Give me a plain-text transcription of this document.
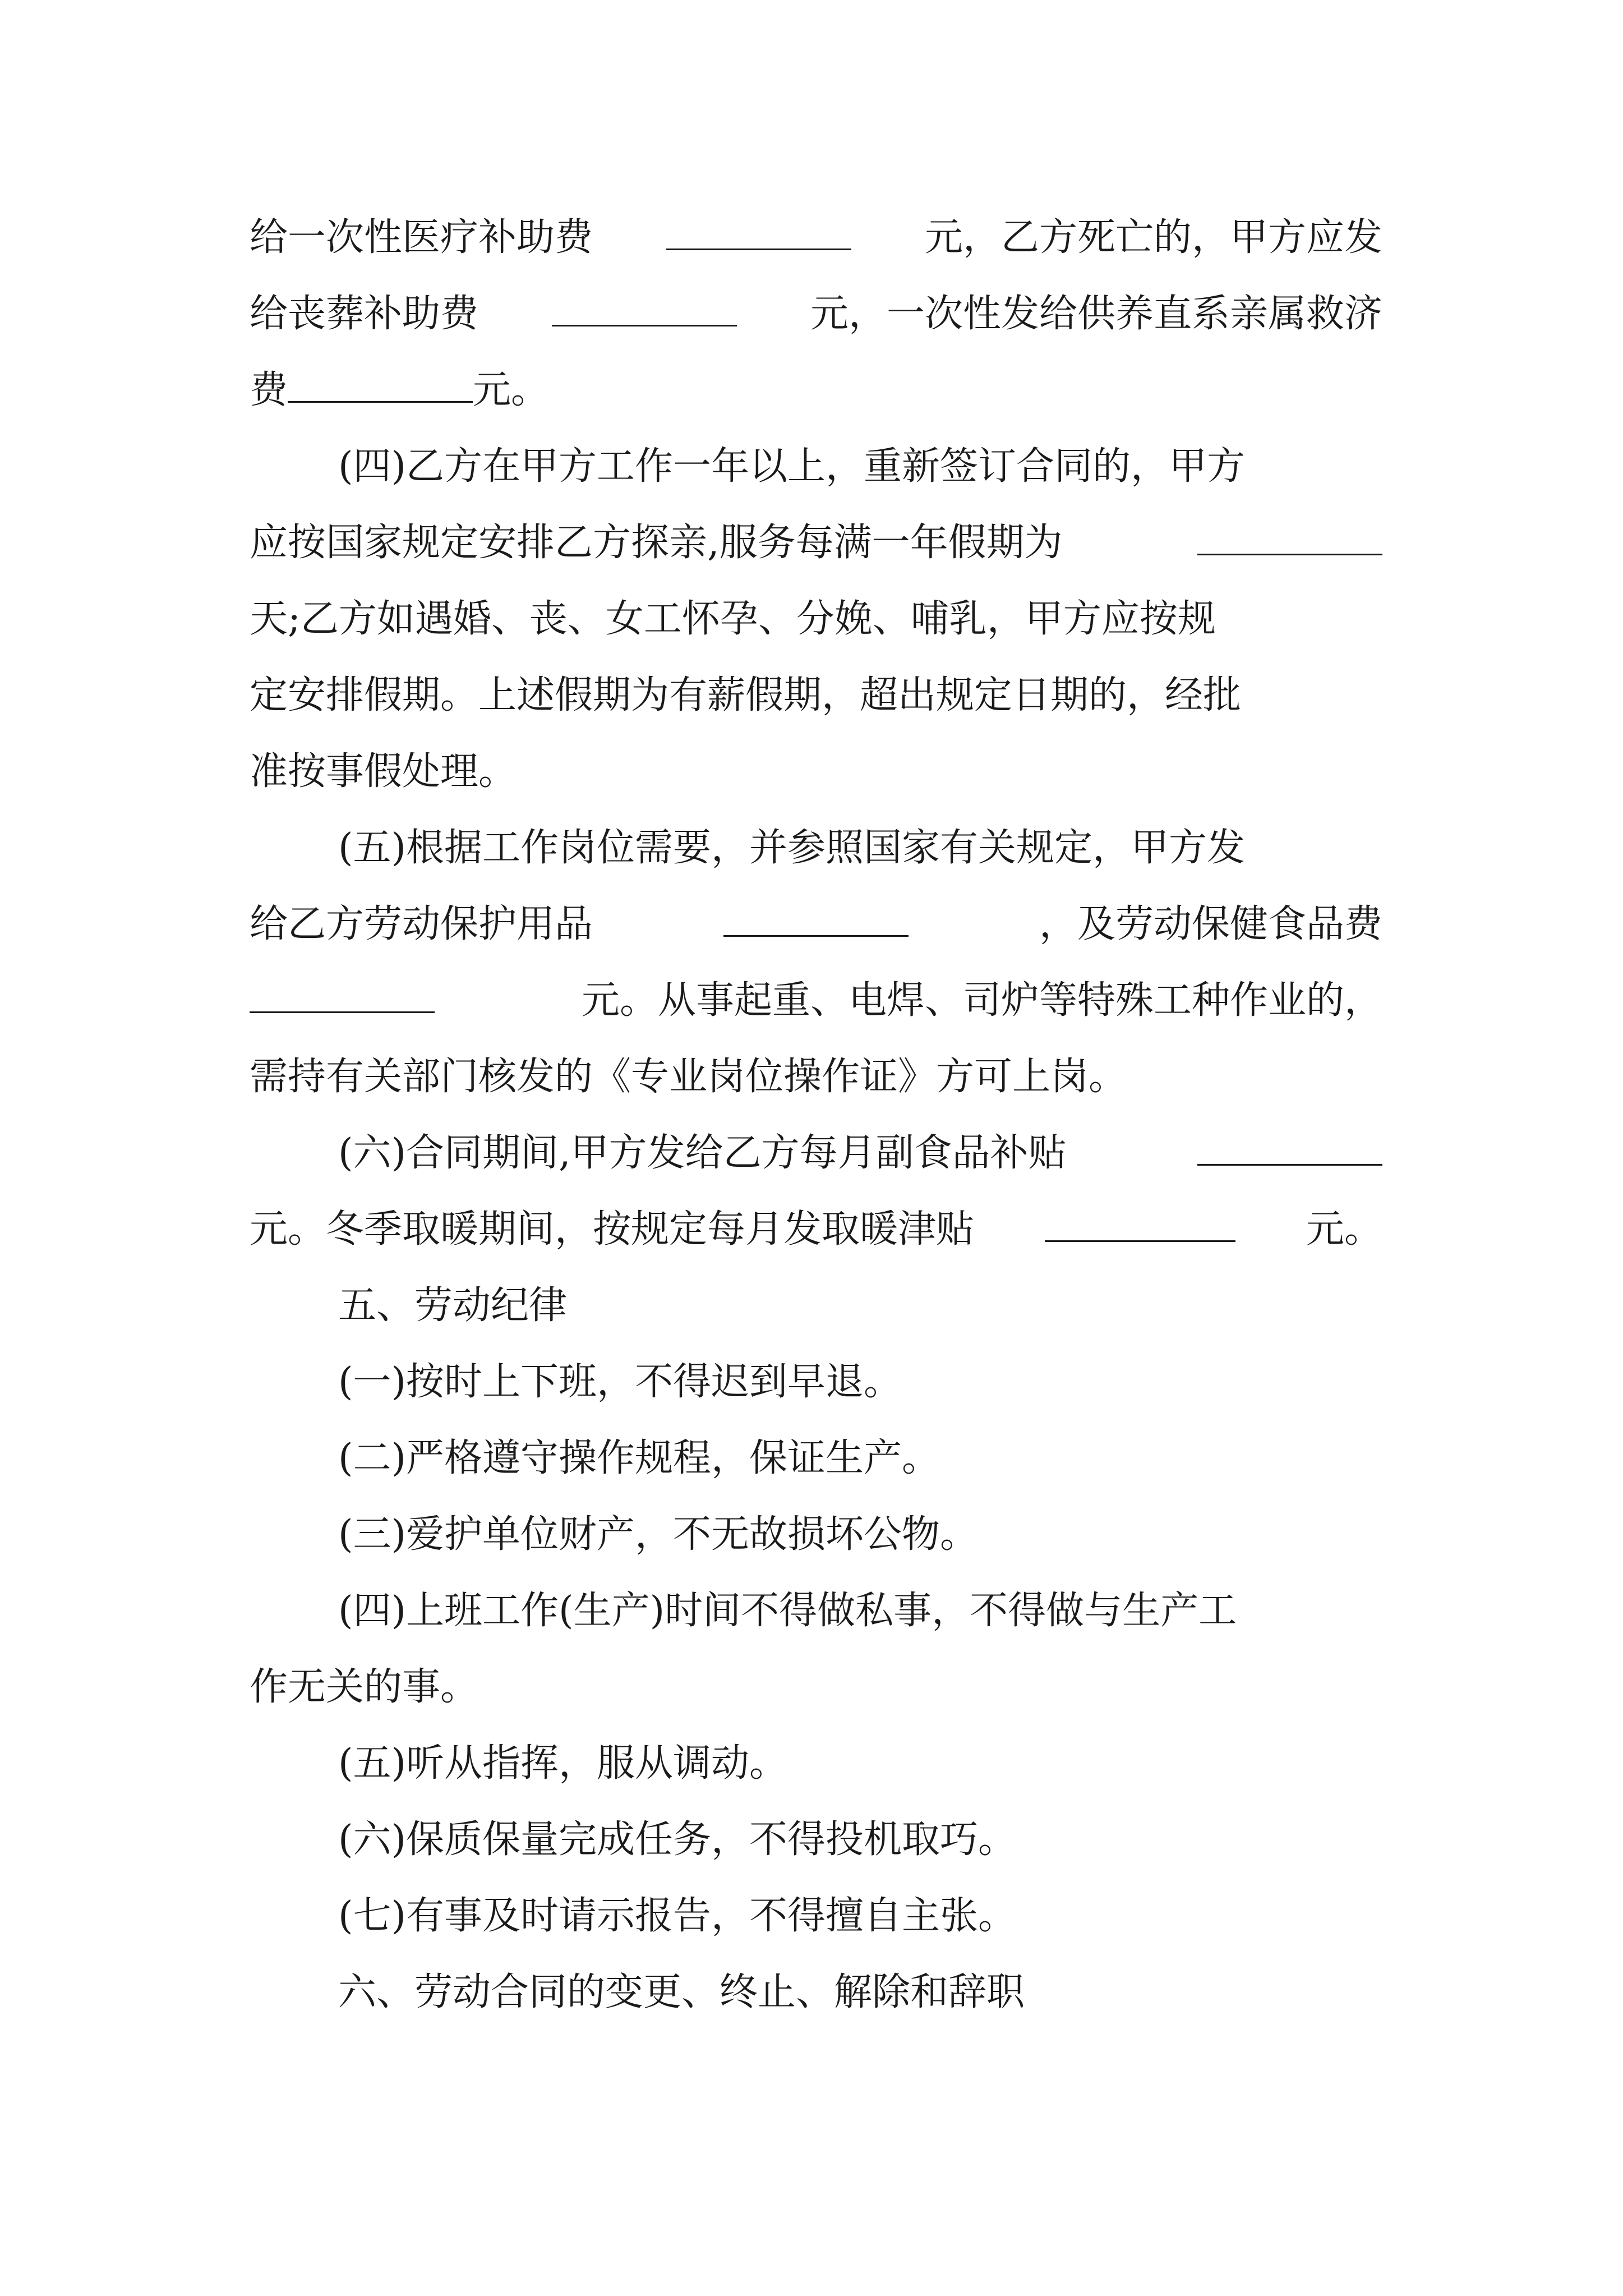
给一次性医疗补助费	元，乙方死亡的，甲方应发
给丧葬补助费	元，一次性发给供养直系亲属救济
费	元。
(四)乙方在甲方工作一年以上，重新签订合同的，甲方
应按国家规定安排乙方探亲,服务每满一年假期为
天;乙方如遇婚、丧、女工怀孕、分娩、哺乳，甲方应按规
定安排假期。上述假期为有薪假期，超出规定日期的，经批
准按事假处理。
(五)根据工作岗位需要，并参照国家有关规定，甲方发
给乙方劳动保护用品	，及劳动保健食品费
元。从事起重、电焊、司炉等特殊工种作业的，
需持有关部门核发的《专业岗位操作证》方可上岗。
(六)合同期间,甲方发给乙方每月副食品补贴
元。冬季取暖期间，按规定每月发取暖津贴	元。
五、劳动纪律
(一)按时上下班，不得迟到早退。
(二)严格遵守操作规程，保证生产。
(三)爱护单位财产，不无故损坏公物。
(四)上班工作(生产)时间不得做私事，不得做与生产工
作无关的事。
(五)听从指挥，服从调动。
(六)保质保量完成任务，不得投机取巧。
(七)有事及时请示报告，不得擅自主张。
六、劳动合同的变更、终止、解除和辞职
